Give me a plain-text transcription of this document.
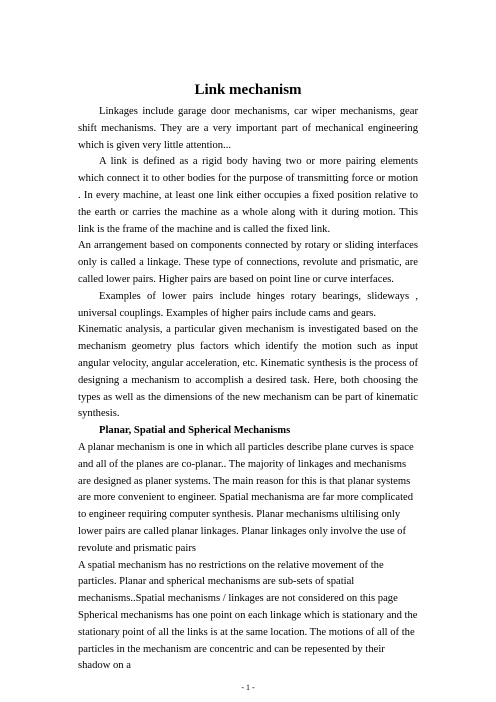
Link mechanism

Linkages include garage door mechanisms, car wiper mechanisms, gear shift mechanisms. They are a very important part of mechanical engineering which is given very little attention...

A link is defined as a rigid body having two or more pairing elements which connect it to other bodies for the purpose of transmitting force or motion . In every machine, at least one link either occupies a fixed position relative to the earth or carries the machine as a whole along with it during motion. This link is the frame of the machine and is called the fixed link.

An arrangement based on components connected by rotary or sliding interfaces only is called a linkage. These type of connections, revolute and prismatic, are called lower pairs. Higher pairs are based on point line or curve interfaces.

Examples of lower pairs include hinges rotary bearings, slideways , universal couplings. Examples of higher pairs include cams and gears.

Kinematic analysis, a particular given mechanism is investigated based on the mechanism geometry plus factors which identify the motion such as input angular velocity, angular acceleration, etc. Kinematic synthesis is the process of designing a mechanism to accomplish a desired task. Here, both choosing the types as well as the dimensions of the new mechanism can be part of kinematic synthesis.

Planar, Spatial and Spherical Mechanisms

A planar mechanism is one in which all particles describe plane curves is space and all of the planes are co-planar.. The majority of linkages and mechanisms are designed as planer systems. The main reason for this is that planar systems are more convenient to engineer. Spatial mechanisma are far more complicated to engineer requiring computer synthesis. Planar mechanisms ultilising only lower pairs are called planar linkages. Planar linkages only involve the use of revolute and prismatic pairs

A spatial mechanism has no restrictions on the relative movement of the particles. Planar and spherical mechanisms are sub-sets of spatial mechanisms..Spatial mechanisms / linkages are not considered on this page

Spherical mechanisms has one point on each linkage which is stationary and the stationary point of all the links is at the same location. The motions of all of the particles in the mechanism are concentric and can be repesented by their shadow on a

- 1 -
